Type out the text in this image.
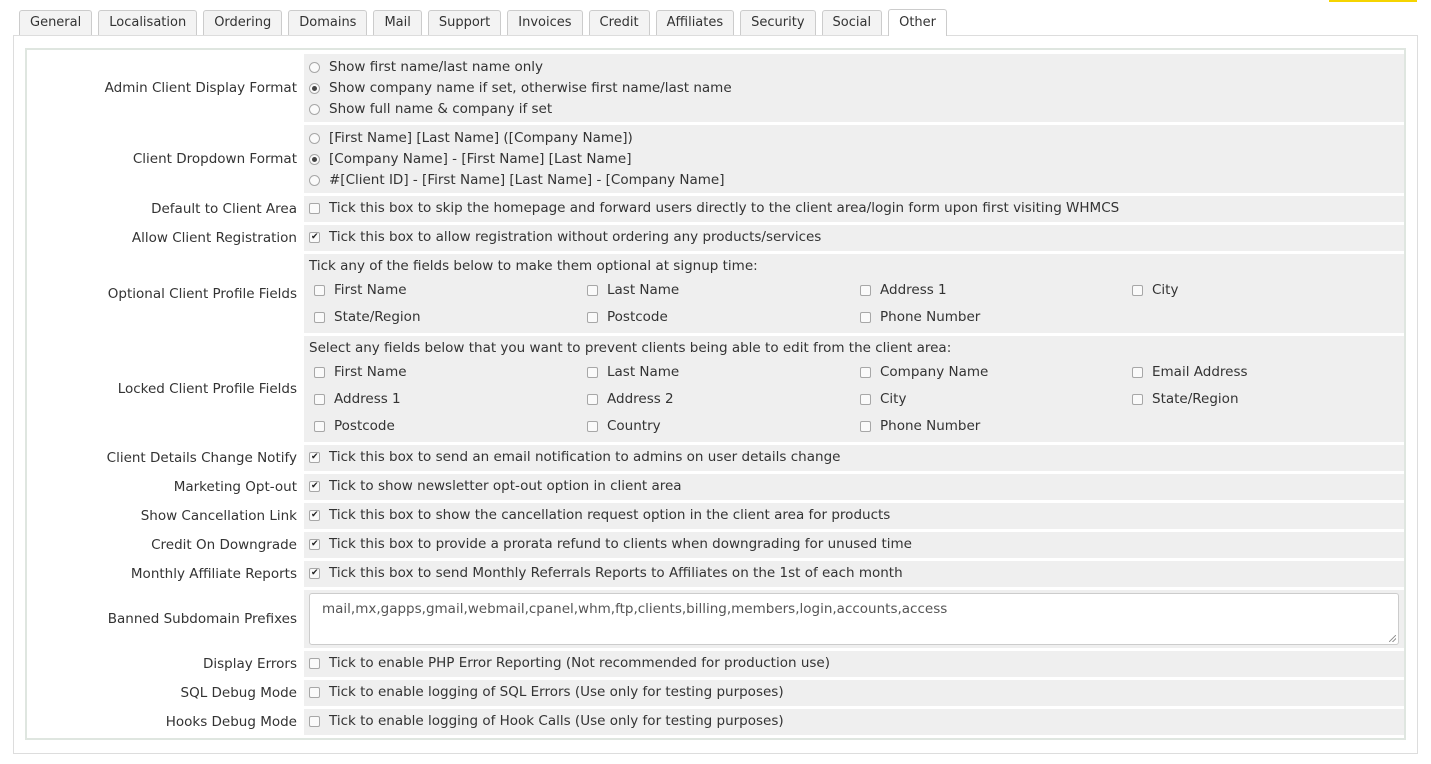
General	Localisation	Ordering	Domains	Mail	Support	Invoices	Credit	Affiliates	Security	Social	Other
Admin Client Display Format
Show first name/last name only
Show company name if set, otherwise first name/last name
Show full name & company if set
Client Dropdown Format
[First Name] [Last Name] ([Company Name])
[Company Name] - [First Name] [Last Name]
#[Client ID] - [First Name] [Last Name] - [Company Name]
Default to Client Area Tick this box to skip the homepage and forward users directly to the client area/login form upon first visiting WHMCS
Allow Client Registration ✔ Tick this box to allow registration without ordering any products/services
Optional Client Profile Fields
Tick any of the fields below to make them optional at signup time:
First Name	Last Name	Address 1	City
State/Region	Postcode	Phone Number
Locked Client Profile Fields
Select any fields below that you want to prevent clients being able to edit from the client area:
First Name	Last Name	Company Name	Email Address
Address 1	Address 2	City	State/Region
Postcode	Country	Phone Number
Client Details Change Notify ✔ Tick this box to send an email notification to admins on user details change
Marketing Opt-out ✔ Tick to show newsletter opt-out option in client area
Show Cancellation Link ✔ Tick this box to show the cancellation request option in the client area for products
Credit On Downgrade ✔ Tick this box to provide a prorata refund to clients when downgrading for unused time
Monthly Affiliate Reports ✔ Tick this box to send Monthly Referrals Reports to Affiliates on the 1st of each month
Banned Subdomain Prefixes
mail,mx,gapps,gmail,webmail,cpanel,whm,ftp,clients,billing,members,login,accounts,access
Display Errors Tick to enable PHP Error Reporting (Not recommended for production use)
SQL Debug Mode Tick to enable logging of SQL Errors (Use only for testing purposes)
Hooks Debug Mode Tick to enable logging of Hook Calls (Use only for testing purposes)
